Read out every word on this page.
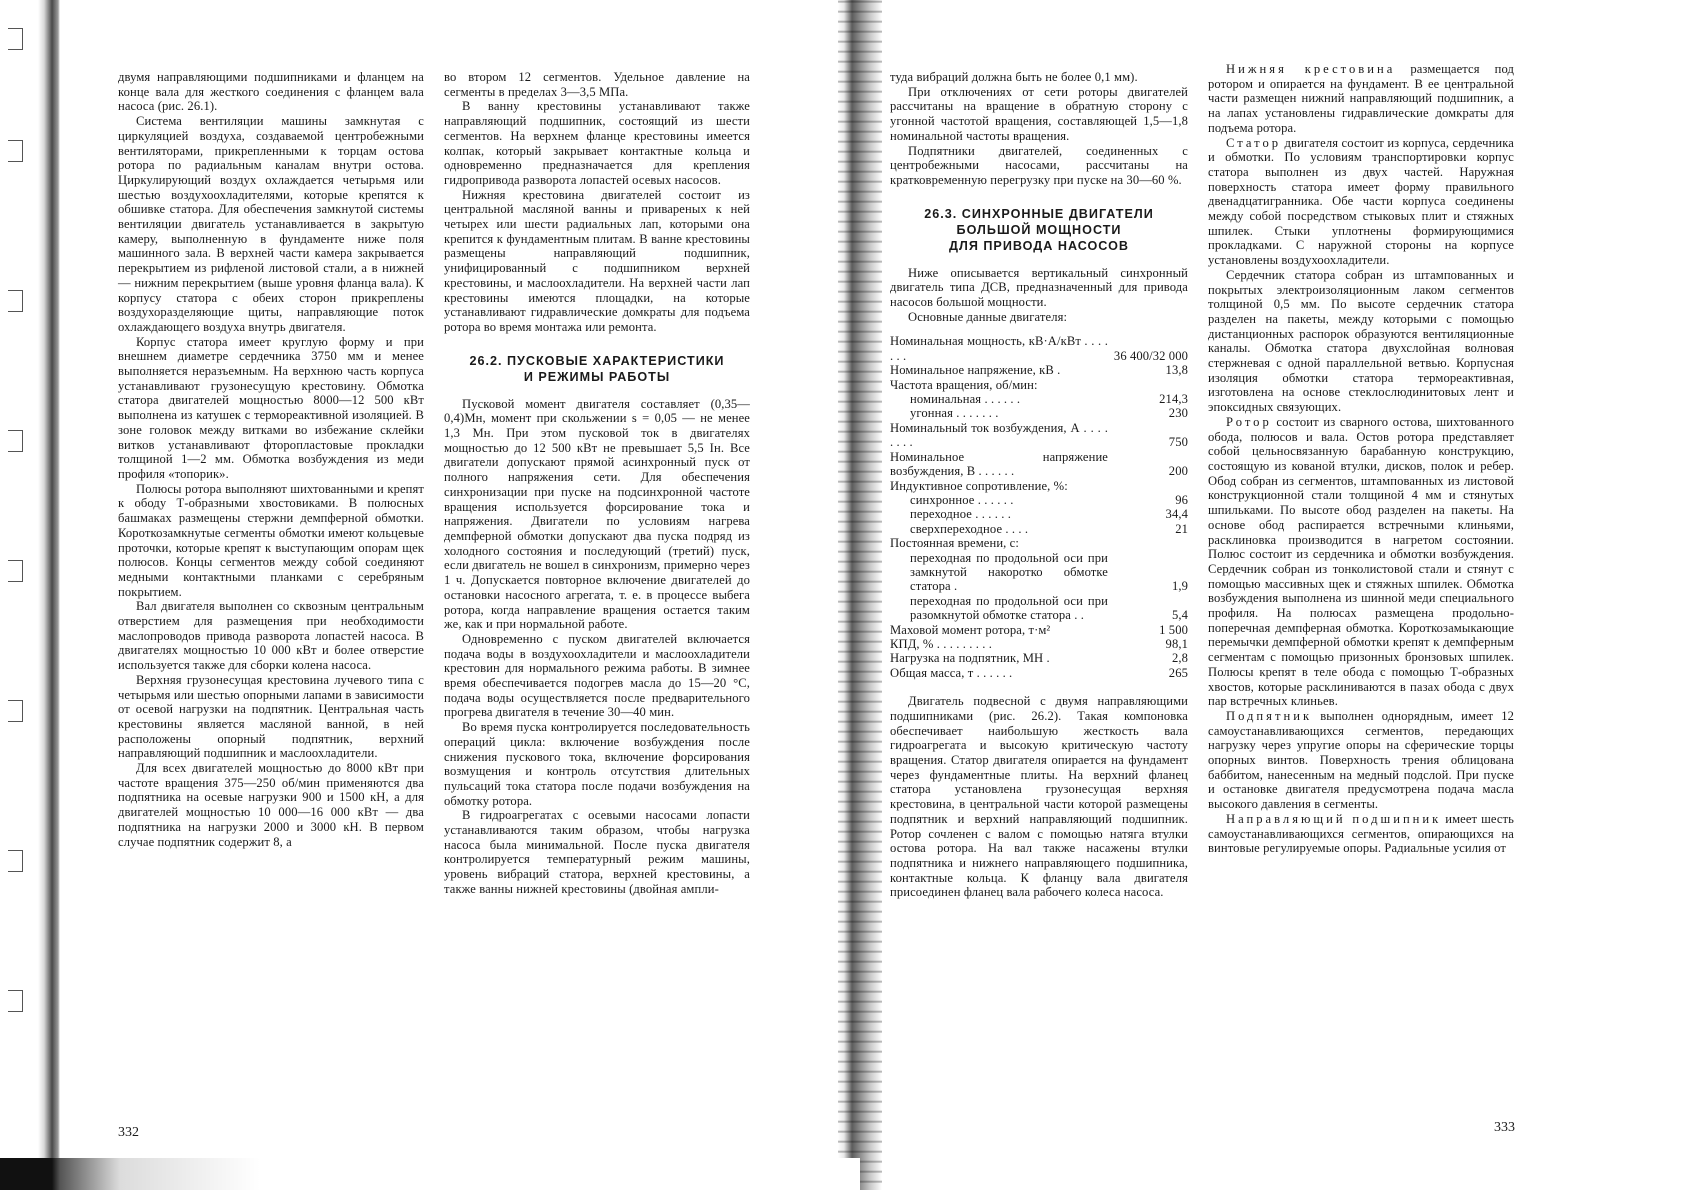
двумя направляющими подшипниками и фланцем на конце вала для жесткого соединения с фланцем вала насоса (рис. 26.1).

Система вентиляции машины замкнутая с циркуляцией воздуха, создаваемой центробежными вентиляторами, прикрепленными к торцам остова ротора по радиальным каналам внутри остова. Циркулирующий воздух охлаждается четырьмя или шестью воздухоохладителями, которые крепятся к обшивке статора. Для обеспечения замкнутой системы вентиляции двигатель устанавливается в закрытую камеру, выполненную в фундаменте ниже поля машинного зала. В верхней части камера закрывается перекрытием из рифленой листовой стали, а в нижней — нижним перекрытием (выше уровня фланца вала). К корпусу статора с обеих сторон прикреплены воздухоразделяющие щиты, направляющие поток охлаждающего воздуха внутрь двигателя.

Корпус статора имеет круглую форму и при внешнем диаметре сердечника 3750 мм и менее выполняется неразъемным. На верхнюю часть корпуса устанавливают грузонесущую крестовину. Обмотка статора двигателей мощностью 8000—12 500 кВт выполнена из катушек с термореактивной изоляцией. В зоне головок между витками во избежание склейки витков устанавливают фторопластовые прокладки толщиной 1—2 мм. Обмотка возбуждения из меди профиля «топорик».

Полюсы ротора выполняют шихтованными и крепят к ободу Т-образными хвостовиками. В полюсных башмаках размещены стержни демпферной обмотки. Короткозамкнутые сегменты обмотки имеют кольцевые проточки, которые крепят к выступающим опорам щек полюсов. Концы сегментов между собой соединяют медными контактными планками с серебряным покрытием.

Вал двигателя выполнен со сквозным центральным отверстием для размещения при необходимости маслопроводов привода разворота лопастей насоса. В двигателях мощностью 10 000 кВт и более отверстие используется также для сборки колена насоса.

Верхняя грузонесущая крестовина лучевого типа с четырьмя или шестью опорными лапами в зависимости от осевой нагрузки на подпятник. Центральная часть крестовины является масляной ванной, в ней расположены опорный подпятник, верхний направляющий подшипник и маслоохладители.

Для всех двигателей мощностью до 8000 кВт при частоте вращения 375—250 об/мин применяются два подпятника на осевые нагрузки 900 и 1500 кН, а для двигателей мощностью 10 000—16 000 кВт — два подпятника на нагрузки 2000 и 3000 кН. В первом случае подпятник содержит 8, а

во втором 12 сегментов. Удельное давление на сегменты в пределах 3—3,5 МПа.

В ванну крестовины устанавливают также направляющий подшипник, состоящий из шести сегментов. На верхнем фланце крестовины имеется колпак, который закрывает контактные кольца и одновременно предназначается для крепления гидропривода разворота лопастей осевых насосов.

Нижняя крестовина двигателей состоит из центральной масляной ванны и привареных к ней четырех или шести радиальных лап, которыми она крепится к фундаментным плитам. В ванне крестовины размещены направляющий подшипник, унифицированный с подшипником верхней крестовины, и маслоохладители. На верхней части лап крестовины имеются площадки, на которые устанавливают гидравлические домкраты для подъема ротора во время монтажа или ремонта.

26.2. ПУСКОВЫЕ ХАРАКТЕРИСТИКИ
И РЕЖИМЫ РАБОТЫ

Пусковой момент двигателя составляет (0,35—0,4)Mн, момент при скольжении s = 0,05 — не менее 1,3 Mн. При этом пусковой ток в двигателях мощностью до 12 500 кВт не превышает 5,5 Iн. Все двигатели допускают прямой асинхронный пуск от полного напряжения сети. Для обеспечения синхронизации при пуске на подсинхронной частоте вращения используется форсирование тока и напряжения. Двигатели по условиям нагрева демпферной обмотки допускают два пуска подряд из холодного состояния и последующий (третий) пуск, если двигатель не вошел в синхронизм, примерно через 1 ч. Допускается повторное включение двигателей до остановки насосного агрегата, т. е. в процессе выбега ротора, когда направление вращения остается таким же, как и при нормальной работе.

Одновременно с пуском двигателей включается подача воды в воздухоохладители и маслоохладители крестовин для нормального режима работы. В зимнее время обеспечивается подогрев масла до 15—20 °С, подача воды осуществляется после предварительного прогрева двигателя в течение 30—40 мин.

Во время пуска контролируется последовательность операций цикла: включение возбуждения после снижения пускового тока, включение форсирования возмущения и контроль отсутствия длительных пульсаций тока статора после подачи возбуждения на обмотку ротора.

В гидроагрегатах с осевыми насосами лопасти устанавливаются таким образом, чтобы нагрузка насоса была минимальной. После пуска двигателя контролируется температурный режим машины, уровень вибраций статора, верхней крестовины, а также ванны нижней крестовины (двойная ампли-

332

туда вибраций должна быть не более 0,1 мм).

При отключениях от сети роторы двигателей рассчитаны на вращение в обратную сторону с угонной частотой вращения, составляющей 1,5—1,8 номинальной частоты вращения.

Подпятники двигателей, соединенных с центробежными насосами, рассчитаны на кратковременную перегрузку при пуске на 30—60 %.

26.3. СИНХРОННЫЕ ДВИГАТЕЛИ
БОЛЬШОЙ МОЩНОСТИ
ДЛЯ ПРИВОДА НАСОСОВ

Ниже описывается вертикальный синхронный двигатель типа ДСВ, предназначенный для привода насосов большой мощности.

Основные данные двигателя:

Номинальная мощность, кВ·А/кВт . . . . . . .	36 400/32 000
Номинальное напряжение, кВ .	13,8
Частота вращения, об/мин:	
номинальная . . . . . .	214,3
угонная . . . . . . .	230
Номинальный ток возбуждения, А . . . . . . . .	750
Номинальное напряжение возбуждения, В . . . . . .	200
Индуктивное сопротивление, %:	
синхронное . . . . . .	96
переходное . . . . . .	34,4
сверхпереходное . . . .	21
Постоянная времени, с:	
переходная по продольной оси при замкнутой накоротко обмотке статора .	1,9
переходная по продольной оси при разомкнутой обмотке статора . .	5,4
Маховой момент ротора, т·м²	1 500
КПД, % . . . . . . . . .	98,1
Нагрузка на подпятник, МН .	2,8
Общая масса, т . . . . . .	265

Двигатель подвесной с двумя направляющими подшипниками (рис. 26.2). Такая компоновка обеспечивает наибольшую жесткость вала гидроагрегата и высокую критическую частоту вращения. Статор двигателя опирается на фундамент через фундаментные плиты. На верхний фланец статора установлена грузонесущая верхняя крестовина, в центральной части которой размещены подпятник и верхний направляющий подшипник. Ротор сочленен с валом с помощью натяга втулки остова ротора. На вал также насажены втулки подпятника и нижнего направляющего подшипника, контактные кольца. К фланцу вала двигателя присоединен фланец вала рабочего колеса насоса.

Нижняя крестовина размещается под ротором и опирается на фундамент. В ее центральной части размещен нижний направляющий подшипник, а на лапах установлены гидравлические домкраты для подъема ротора.

Статор двигателя состоит из корпуса, сердечника и обмотки. По условиям транспортировки корпус статора выполнен из двух частей. Наружная поверхность статора имеет форму правильного двенадцатигранника. Обе части корпуса соединены между собой посредством стыковых плит и стяжных шпилек. Стыки уплотнены формирующимися прокладками. С наружной стороны на корпусе установлены воздухоохладители.

Сердечник статора собран из штампованных и покрытых электроизоляционным лаком сегментов толщиной 0,5 мм. По высоте сердечник статора разделен на пакеты, между которыми с помощью дистанционных распорок образуются вентиляционные каналы. Обмотка статора двухслойная волновая стержневая с одной параллельной ветвью. Корпусная изоляция обмотки статора термореактивная, изготовлена на основе стеклослюдинитовых лент и эпоксидных связующих.

Ротор состоит из сварного остова, шихтованного обода, полюсов и вала. Остов ротора представляет собой цельносвязанную барабанную конструкцию, состоящую из кованой втулки, дисков, полок и ребер. Обод собран из сегментов, штампованных из листовой конструкционной стали толщиной 4 мм и стянутых шпильками. По высоте обод разделен на пакеты. На основе обод распирается встречными клиньями, расклиновка производится в нагретом состоянии. Полюс состоит из сердечника и обмотки возбуждения. Сердечник собран из тонколистовой стали и стянут с помощью массивных щек и стяжных шпилек. Обмотка возбуждения выполнена из шинной меди специального профиля. На полюсах размещена продольно-поперечная демпферная обмотка. Короткозамыкающие перемычки демпферной обмотки крепят к демпферным сегментам с помощью призонных бронзовых шпилек. Полюсы крепят в теле обода с помощью Т-образных хвостов, которые расклиниваются в пазах обода с двух пар встречных клиньев.

Подпятник выполнен однорядным, имеет 12 самоустанавливающихся сегментов, передающих нагрузку через упругие опоры на сферические торцы опорных винтов. Поверхность трения облицована баббитом, нанесенным на медный подслой. При пуске и остановке двигателя предусмотрена подача масла высокого давления в сегменты.

Направляющий подшипник имеет шесть самоустанавливающихся сегментов, опирающихся на винтовые регулируемые опоры. Радиальные усилия от

333
